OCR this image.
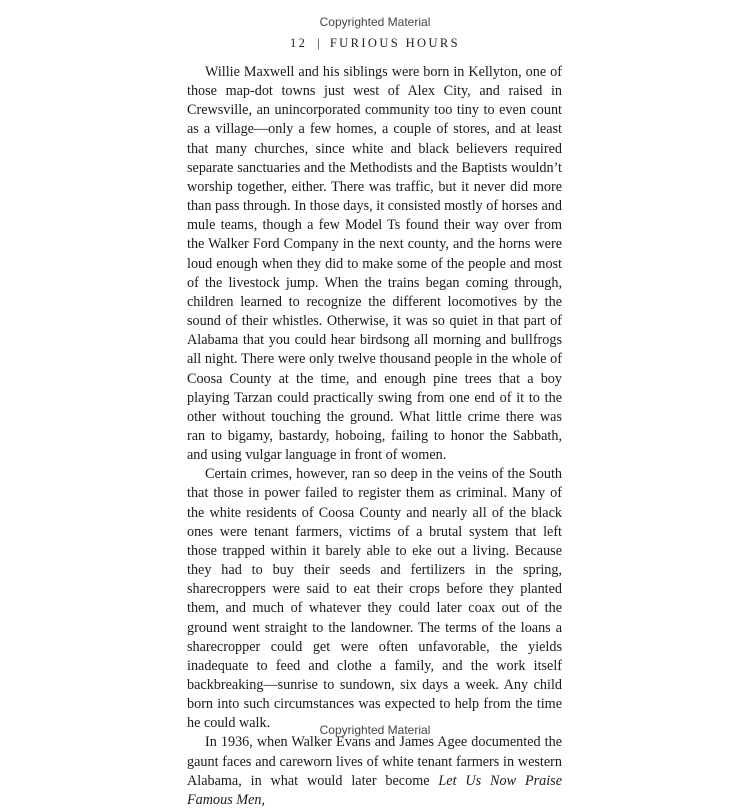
Copyrighted Material
12 | FURIOUS HOURS

Willie Maxwell and his siblings were born in Kellyton, one of those map-dot towns just west of Alex City, and raised in Crewsville, an unincorporated community too tiny to even count as a village—only a few homes, a couple of stores, and at least that many churches, since white and black believers required separate sanctuaries and the Methodists and the Baptists wouldn’t worship together, either. There was traffic, but it never did more than pass through. In those days, it consisted mostly of horses and mule teams, though a few Model Ts found their way over from the Walker Ford Company in the next county, and the horns were loud enough when they did to make some of the people and most of the livestock jump. When the trains began coming through, children learned to recognize the different locomotives by the sound of their whistles. Otherwise, it was so quiet in that part of Alabama that you could hear birdsong all morning and bullfrogs all night. There were only twelve thousand people in the whole of Coosa County at the time, and enough pine trees that a boy playing Tarzan could practically swing from one end of it to the other without touching the ground. What little crime there was ran to bigamy, bastardy, hoboing, failing to honor the Sabbath, and using vulgar language in front of women.

Certain crimes, however, ran so deep in the veins of the South that those in power failed to register them as criminal. Many of the white residents of Coosa County and nearly all of the black ones were tenant farmers, victims of a brutal system that left those trapped within it barely able to eke out a living. Because they had to buy their seeds and fertilizers in the spring, sharecroppers were said to eat their crops before they planted them, and much of whatever they could later coax out of the ground went straight to the landowner. The terms of the loans a sharecropper could get were often unfavorable, the yields inadequate to feed and clothe a family, and the work itself backbreaking—sunrise to sundown, six days a week. Any child born into such circumstances was expected to help from the time he could walk.

In 1936, when Walker Evans and James Agee documented the gaunt faces and careworn lives of white tenant farmers in western Alabama, in what would later become Let Us Now Praise Famous Men,

Copyrighted Material
